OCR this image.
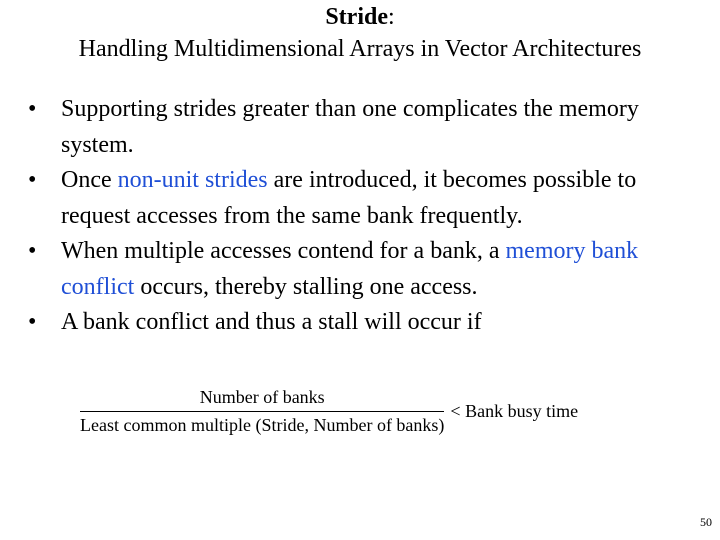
Stride:
Handling Multidimensional Arrays in Vector Architectures
• Supporting strides greater than one complicates the memory system.
• Once non-unit strides are introduced, it becomes possible to request accesses from the same bank frequently.
• When multiple accesses contend for a bank, a memory bank conflict occurs, thereby stalling one access.
• A bank conflict and thus a stall will occur if
$\frac{\text{Number of banks}}{\text{Least common multiple (Stride, Number of banks)}}$ < Bank busy time
50
